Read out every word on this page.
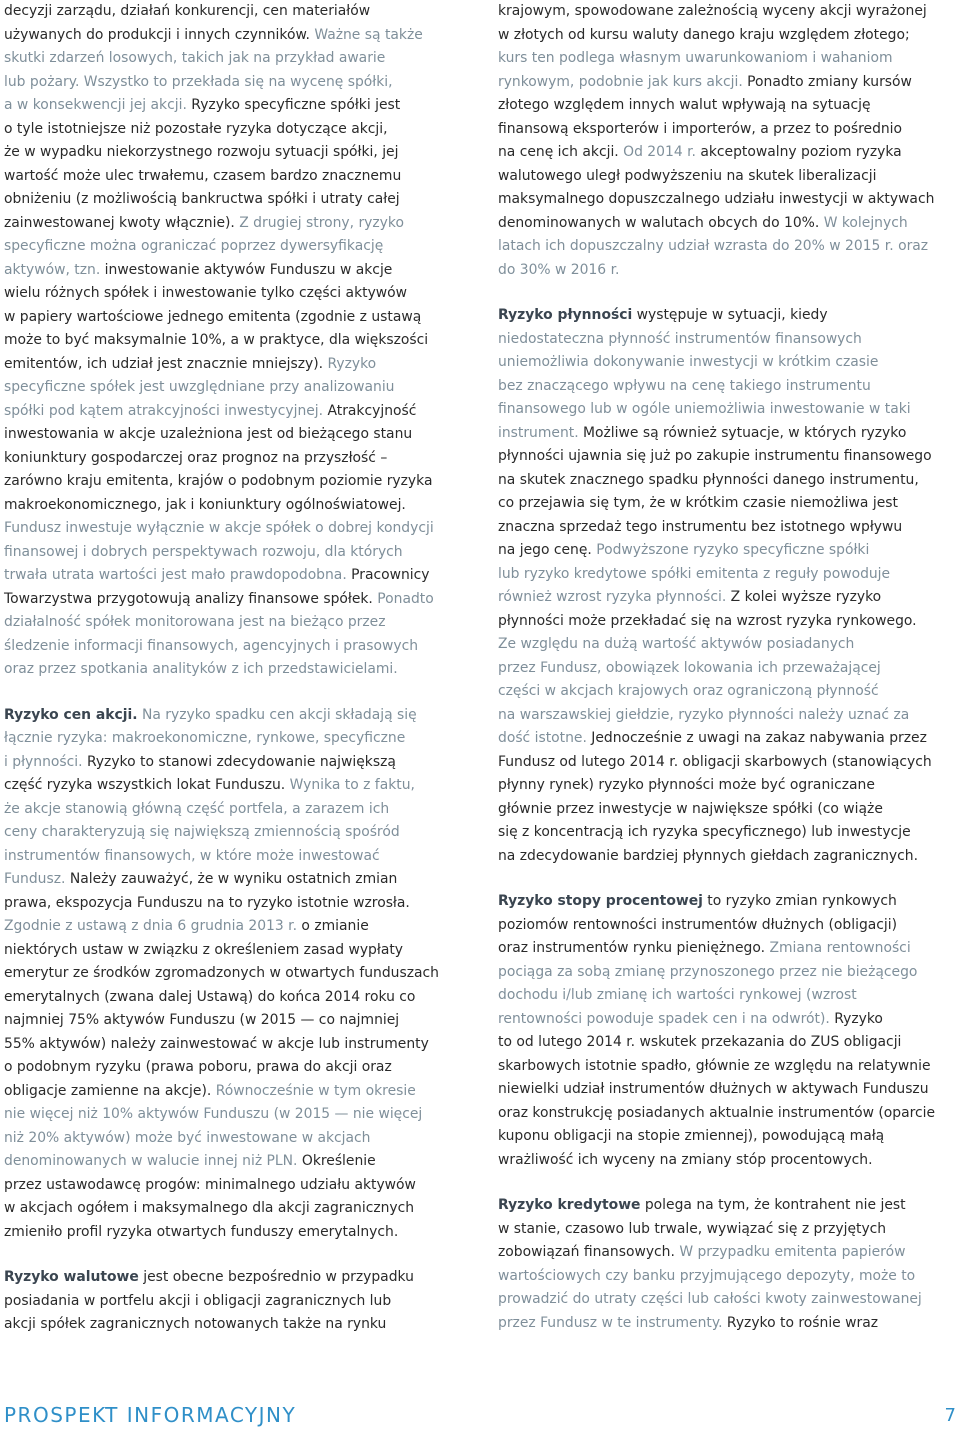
decyzji zarządu, działań konkurencji, cen materiałów
używanych do produkcji i innych czynników. Ważne są także
skutki zdarzeń losowych, takich jak na przykład awarie
lub pożary. Wszystko to przekłada się na wycenę spółki,
a w konsekwencji jej akcji. Ryzyko specyficzne spółki jest
o tyle istotniejsze niż pozostałe ryzyka dotyczące akcji,
że w wypadku niekorzystnego rozwoju sytuacji spółki, jej
wartość może ulec trwałemu, czasem bardzo znacznemu
obniżeniu (z możliwością bankructwa spółki i utraty całej
zainwestowanej kwoty włącznie). Z drugiej strony, ryzyko
specyficzne można ograniczać poprzez dywersyfikację
aktywów, tzn. inwestowanie aktywów Funduszu w akcje
wielu różnych spółek i inwestowanie tylko części aktywów
w papiery wartościowe jednego emitenta (zgodnie z ustawą
może to być maksymalnie 10%, a w praktyce, dla większości
emitentów, ich udział jest znacznie mniejszy). Ryzyko
specyficzne spółek jest uwzględniane przy analizowaniu
spółki pod kątem atrakcyjności inwestycyjnej. Atrakcyjność
inwestowania w akcje uzależniona jest od bieżącego stanu
koniunktury gospodarczej oraz prognoz na przyszłość –
zarówno kraju emitenta, krajów o podobnym poziomie ryzyka
makroekonomicznego, jak i koniunktury ogólnoświatowej.
Fundusz inwestuje wyłącznie w akcje spółek o dobrej kondycji
finansowej i dobrych perspektywach rozwoju, dla których
trwała utrata wartości jest mało prawdopodobna. Pracownicy
Towarzystwa przygotowują analizy finansowe spółek. Ponadto
działalność spółek monitorowana jest na bieżąco przez
śledzenie informacji finansowych, agencyjnych i prasowych
oraz przez spotkania analityków z ich przedstawicielami.
Ryzyko cen akcji. Na ryzyko spadku cen akcji składają się
łącznie ryzyka: makroekonomiczne, rynkowe, specyficzne
i płynności. Ryzyko to stanowi zdecydowanie największą
część ryzyka wszystkich lokat Funduszu. Wynika to z faktu,
że akcje stanowią główną część portfela, a zarazem ich
ceny charakteryzują się największą zmiennością spośród
instrumentów finansowych, w które może inwestować
Fundusz. Należy zauważyć, że w wyniku ostatnich zmian
prawa, ekspozycja Funduszu na to ryzyko istotnie wzrosła.
Zgodnie z ustawą z dnia 6 grudnia 2013 r. o zmianie
niektórych ustaw w związku z określeniem zasad wypłaty
emerytur ze środków zgromadzonych w otwartych funduszach
emerytalnych (zwana dalej Ustawą) do końca 2014 roku co
najmniej 75% aktywów Funduszu (w 2015 — co najmniej
55% aktywów) należy zainwestować w akcje lub instrumenty
o podobnym ryzyku (prawa poboru, prawa do akcji oraz
obligacje zamienne na akcje). Równocześnie w tym okresie
nie więcej niż 10% aktywów Funduszu (w 2015 — nie więcej
niż 20% aktywów) może być inwestowane w akcjach
denominowanych w walucie innej niż PLN. Określenie
przez ustawodawcę progów: minimalnego udziału aktywów
w akcjach ogółem i maksymalnego dla akcji zagranicznych
zmieniło profil ryzyka otwartych funduszy emerytalnych.
Ryzyko walutowe jest obecne bezpośrednio w przypadku
posiadania w portfelu akcji i obligacji zagranicznych lub
akcji spółek zagranicznych notowanych także na rynku
krajowym, spowodowane zależnością wyceny akcji wyrażonej
w złotych od kursu waluty danego kraju względem złotego;
kurs ten podlega własnym uwarunkowaniom i wahaniom
rynkowym, podobnie jak kurs akcji. Ponadto zmiany kursów
złotego względem innych walut wpływają na sytuację
finansową eksporterów i importerów, a przez to pośrednio
na cenę ich akcji. Od 2014 r. akceptowalny poziom ryzyka
walutowego uległ podwyższeniu na skutek liberalizacji
maksymalnego dopuszczalnego udziału inwestycji w aktywach
denominowanych w walutach obcych do 10%. W kolejnych
latach ich dopuszczalny udział wzrasta do 20% w 2015 r. oraz
do 30% w 2016 r.
Ryzyko płynności występuje w sytuacji, kiedy
niedostateczna płynność instrumentów finansowych
uniemożliwia dokonywanie inwestycji w krótkim czasie
bez znaczącego wpływu na cenę takiego instrumentu
finansowego lub w ogóle uniemożliwia inwestowanie w taki
instrument. Możliwe są również sytuacje, w których ryzyko
płynności ujawnia się już po zakupie instrumentu finansowego
na skutek znacznego spadku płynności danego instrumentu,
co przejawia się tym, że w krótkim czasie niemożliwa jest
znaczna sprzedaż tego instrumentu bez istotnego wpływu
na jego cenę. Podwyższone ryzyko specyficzne spółki
lub ryzyko kredytowe spółki emitenta z reguły powoduje
również wzrost ryzyka płynności. Z kolei wyższe ryzyko
płynności może przekładać się na wzrost ryzyka rynkowego.
Ze względu na dużą wartość aktywów posiadanych
przez Fundusz, obowiązek lokowania ich przeważającej
części w akcjach krajowych oraz ograniczoną płynność
na warszawskiej giełdzie, ryzyko płynności należy uznać za
dość istotne. Jednocześnie z uwagi na zakaz nabywania przez
Fundusz od lutego 2014 r. obligacji skarbowych (stanowiących
płynny rynek) ryzyko płynności może być ograniczane
głównie przez inwestycje w największe spółki (co wiąże
się z koncentracją ich ryzyka specyficznego) lub inwestycje
na zdecydowanie bardziej płynnych giełdach zagranicznych.
Ryzyko stopy procentowej to ryzyko zmian rynkowych
poziomów rentowności instrumentów dłużnych (obligacji)
oraz instrumentów rynku pieniężnego. Zmiana rentowności
pociąga za sobą zmianę przynoszonego przez nie bieżącego
dochodu i/lub zmianę ich wartości rynkowej (wzrost
rentowności powoduje spadek cen i na odwrót). Ryzyko
to od lutego 2014 r. wskutek przekazania do ZUS obligacji
skarbowych istotnie spadło, głównie ze względu na relatywnie
niewielki udział instrumentów dłużnych w aktywach Funduszu
oraz konstrukcję posiadanych aktualnie instrumentów (oparcie
kuponu obligacji na stopie zmiennej), powodującą małą
wrażliwość ich wyceny na zmiany stóp procentowych.
Ryzyko kredytowe polega na tym, że kontrahent nie jest
w stanie, czasowo lub trwale, wywiązać się z przyjętych
zobowiązań finansowych. W przypadku emitenta papierów
wartościowych czy banku przyjmującego depozyty, może to
prowadzić do utraty części lub całości kwoty zainwestowanej
przez Fundusz w te instrumenty. Ryzyko to rośnie wraz
PROSPEKT INFORMACYJNY	7
